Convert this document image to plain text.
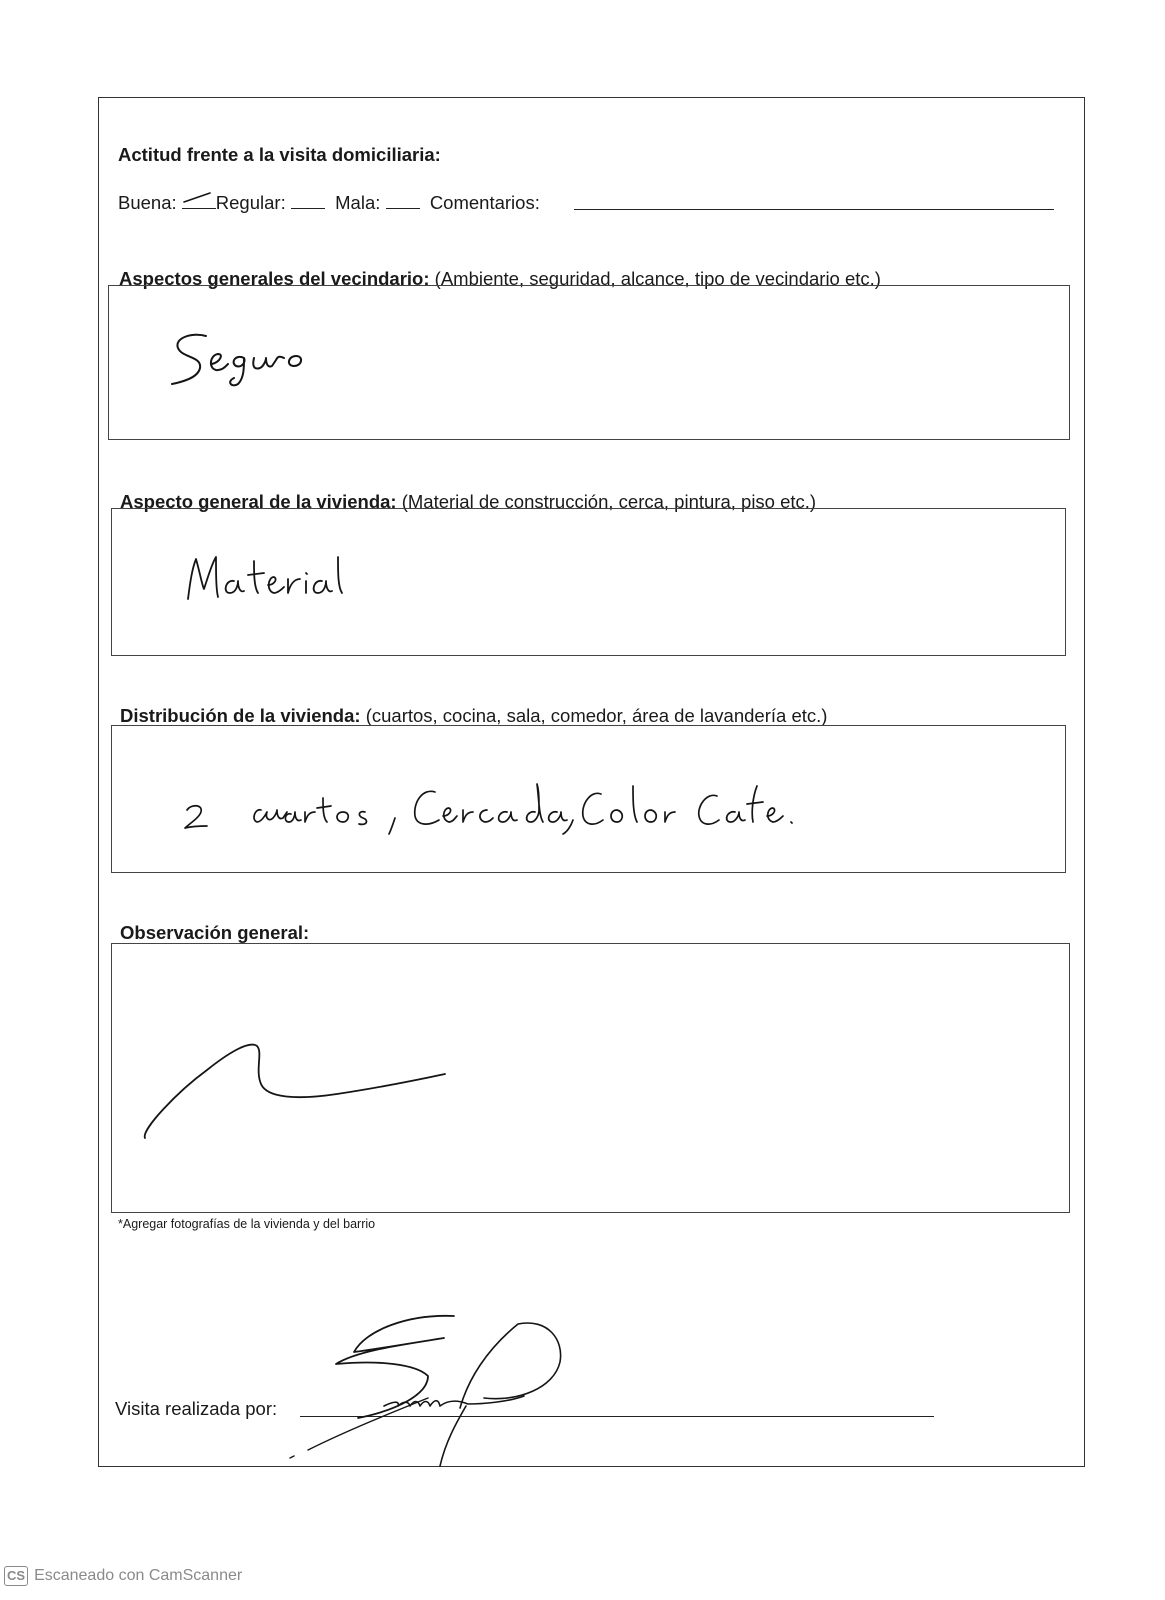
Actitud frente a la visita domiciliaria:
Buena: Regular:	Mala:	Comentarios:
Aspectos generales del vecindario: (Ambiente, seguridad, alcance, tipo de vecindario etc.)
Aspecto general de la vivienda: (Material de construcción, cerca, pintura, piso etc.)
Distribución de la vivienda: (cuartos, cocina, sala, comedor, área de lavandería etc.)
Observación general:
*Agregar fotografías de la vivienda y del barrio
Visita realizada por:
CS Escaneado con CamScanner
